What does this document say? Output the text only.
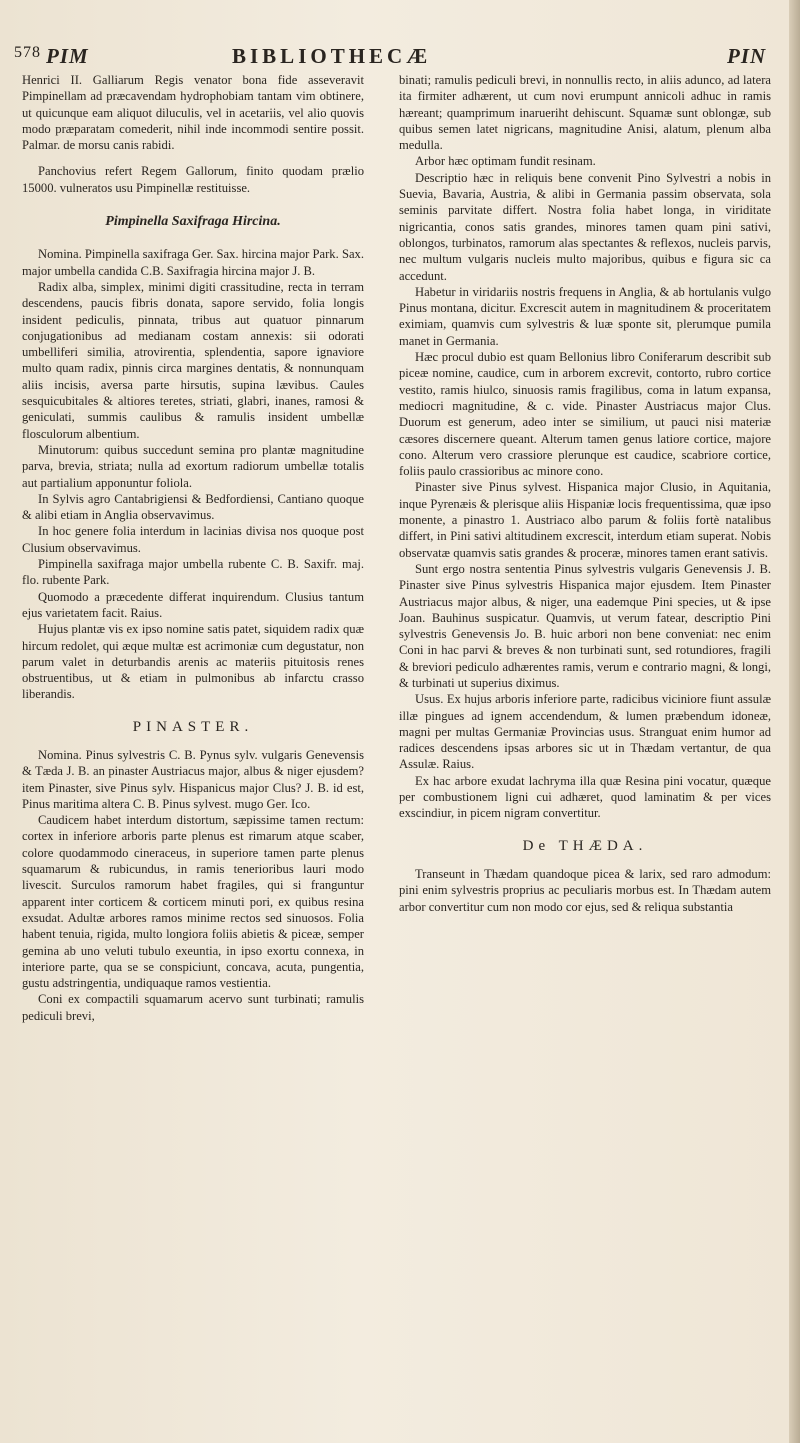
578 PIM	BIBLIOTHECÆ	PIN

Henrici II. Galliarum Regis venator bona fide asseveravit Pimpinellam ad præcavendam hydrophobiam tantam vim obtinere, ut quicunque eam aliquot diluculis, vel in acetariis, vel alio quovis modo præparatam comederit, nihil inde incommodi sentire possit. Palmar. de morsu canis rabidi.

Panchovius refert Regem Gallorum, finito quodam prælio 15000. vulneratos usu Pimpinellæ restituisse.

Pimpinella Saxifraga Hircina.

Nomina. Pimpinella saxifraga Ger. Sax. hircina major Park. Sax. major umbella candida C.B. Saxifragia hircina major J. B.

Radix alba, simplex, minimi digiti crassitudine, recta in terram descendens, paucis fibris donata, sapore servido, folia longis insident pediculis, pinnata, tribus aut quatuor pinnarum conjugationibus ad medianam costam annexis: sii odorati umbelliferi similia, atrovirentia, splendentia, sapore ignaviore multo quam radix, pinnis circa margines dentatis, & nonnunquam aliis incisis, aversa parte hirsutis, supina lævibus. Caules sesquicubitales & altiores teretes, striati, glabri, inanes, ramosi & geniculati, summis caulibus & ramulis insident umbellæ flosculorum albentium.

Minutorum: quibus succedunt semina pro plantæ magnitudine parva, brevia, striata; nulla ad exortum radiorum umbellæ totalis aut partialium apponuntur foliola.

In Sylvis agro Cantabrigiensi & Bedfordiensi, Cantiano quoque & alibi etiam in Anglia observavimus.

In hoc genere folia interdum in lacinias divisa nos quoque post Clusium observavimus.

Pimpinella saxifraga major umbella rubente C. B. Saxifr. maj. flo. rubente Park.

Quomodo a præcedente differat inquirendum. Clusius tantum ejus varietatem facit. Raius.

Hujus plantæ vis ex ipso nomine satis patet, siquidem radix quæ hircum redolet, qui æque multæ est acrimoniæ cum degustatur, non parum valet in deturbandis arenis ac materiis pituitosis renes obstruentibus, ut & etiam in pulmonibus ab infarctu crasso liberandis.

PINASTER.

Nomina. Pinus sylvestris C. B. Pynus sylv. vulgaris Genevensis & Tæda J. B. an pinaster Austriacus major, albus & niger ejusdem? item Pinaster, sive Pinus sylv. Hispanicus major Clus? J. B. id est, Pinus maritima altera C. B. Pinus sylvest. mugo Ger. Ico.

Caudicem habet interdum distortum, sæpissime tamen rectum: cortex in inferiore arboris parte plenus est rimarum atque scaber, colore quodammodo cineraceus, in superiore tamen parte plenus squamarum & rubicundus, in ramis tenerioribus lauri modo livescit. Surculos ramorum habet fragiles, qui si franguntur apparent inter corticem & corticem minuti pori, ex quibus resina exsudat. Adultæ arbores ramos minime rectos sed sinuosos. Folia habent tenuia, rigida, multo longiora foliis abietis & piceæ, semper gemina ab uno veluti tubulo exeuntia, in ipso exortu connexa, in interiore parte, qua se se conspiciunt, concava, acuta, pungentia, gustu adstringentia, undiquaque ramos vestientia.

Coni ex compactili squamarum acervo sunt turbinati; ramulis pediculi brevi,

binati; ramulis pediculi brevi, in nonnullis recto, in aliis adunco, ad latera ita firmiter adhærent, ut cum novi erumpunt annicoli adhuc in ramis hæreant; quamprimum inarueriht dehiscunt. Squamæ sunt oblongæ, sub quibus semen latet nigricans, magnitudine Anisi, alatum, plenum alba medulla.

Arbor hæc optimam fundit resinam.

Descriptio hæc in reliquis bene convenit Pino Sylvestri a nobis in Suevia, Bavaria, Austria, & alibi in Germania passim observata, sola seminis parvitate differt. Nostra folia habet longa, in viriditate nigricantia, conos satis grandes, minores tamen quam pini sativi, oblongos, turbinatos, ramorum alas spectantes & reflexos, nucleis parvis, nec multum vulgaris nucleis multo majoribus, quibus e figura sic ca accedunt.

Habetur in viridariis nostris frequens in Anglia, & ab hortulanis vulgo Pinus montana, dicitur. Excrescit autem in magnitudinem & proceritatem eximiam, quamvis cum sylvestris & luæ sponte sit, plerumque pumila manet in Germania.

Hæc procul dubio est quam Bellonius libro Coniferarum describit sub piceæ nomine, caudice, cum in arborem excrevit, contorto, rubro cortice vestito, ramis hiulco, sinuosis ramis fragilibus, coma in latum expansa, mediocri magnitudine, & c. vide. Pinaster Austriacus major Clus. Duorum est generum, adeo inter se similium, ut pauci nisi materiæ cæsores discernere queant. Alterum tamen genus latiore cortice, majore cono. Alterum vero crassiore plerunque est caudice, scabriore cortice, foliis paulo crassioribus ac minore cono.

Pinaster sive Pinus sylvest. Hispanica major Clusio, in Aquitania, inque Pyrenæis & plerisque aliis Hispaniæ locis frequentissima, quæ ipso monente, a pinastro 1. Austriaco albo parum & foliis fortè natalibus differt, in Pini sativi altitudinem excrescit, interdum etiam superat. Nobis observatæ quamvis satis grandes & proceræ, minores tamen erant sativis.

Sunt ergo nostra sententia Pinus sylvestris vulgaris Genevensis J. B. Pinaster sive Pinus sylvestris Hispanica major ejusdem. Item Pinaster Austriacus major albus, & niger, una eademque Pini species, ut & ipse Joan. Bauhinus suspicatur. Quamvis, ut verum fatear, descriptio Pini sylvestris Genevensis Jo. B. huic arbori non bene conveniat: nec enim Coni in hac parvi & breves & non turbinati sunt, sed rotundiores, fragili & breviori pediculo adhærentes ramis, verum e contrario magni, & longi, & turbinati ut superius diximus.

Usus. Ex hujus arboris inferiore parte, radicibus viciniore fiunt assulæ illæ pingues ad ignem accendendum, & lumen præbendum idoneæ, magni per multas Germaniæ Provincias usus. Stranguat enim humor ad radices descendens ipsas arbores sic ut in Thædam vertantur, de qua Assulæ. Raius.

Ex hac arbore exudat lachryma illa quæ Resina pini vocatur, quæque per combustionem ligni cui adhæret, quod laminatim & per vices exscindiur, in picem nigram convertitur.

De THÆDA.

Transeunt in Thædam quandoque picea & larix, sed raro admodum: pini enim sylvestris proprius ac peculiaris morbus est. In Thædam autem arbor convertitur cum non modo cor ejus, sed & reliqua substantia
